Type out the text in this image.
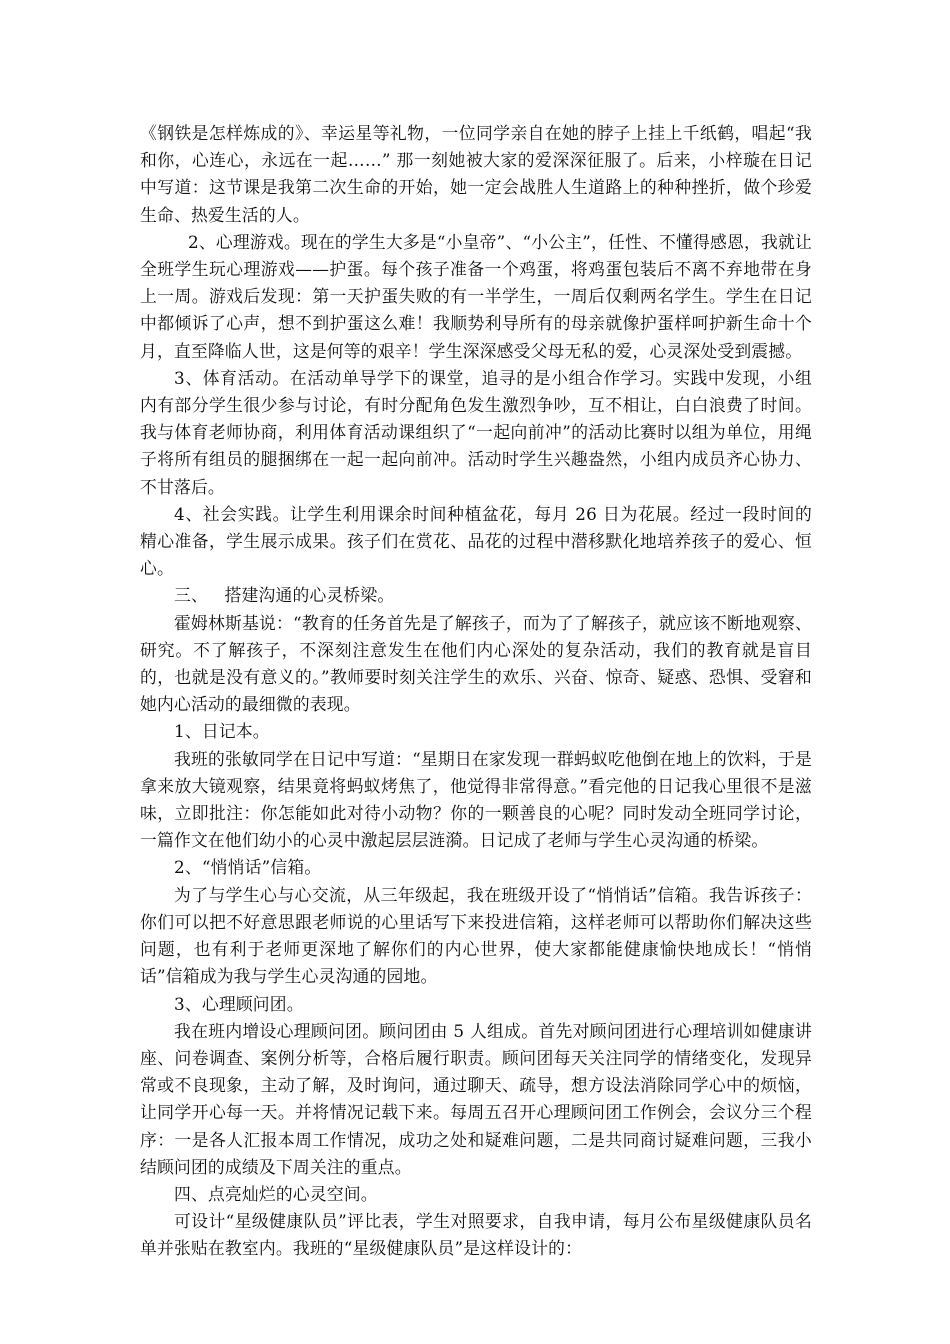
《钢铁是怎样炼成的》、幸运星等礼物，一位同学亲自在她的脖子上挂上千纸鹤，唱起“我和你，心连心，永远在一起……” 那一刻她被大家的爱深深征服了。后来，小梓璇在日记中写道：这节课是我第二次生命的开始，她一定会战胜人生道路上的种种挫折，做个珍爱生命、热爱生活的人。

2、心理游戏。现在的学生大多是“小皇帝”、“小公主”，任性、不懂得感恩，我就让全班学生玩心理游戏——护蛋。每个孩子准备一个鸡蛋，将鸡蛋包装后不离不弃地带在身上一周。游戏后发现：第一天护蛋失败的有一半学生，一周后仅剩两名学生。学生在日记中都倾诉了心声，想不到护蛋这么难！我顺势利导所有的母亲就像护蛋样呵护新生命十个月，直至降临人世，这是何等的艰辛！学生深深感受父母无私的爱，心灵深处受到震撼。

3、体育活动。在活动单导学下的课堂，追寻的是小组合作学习。实践中发现，小组内有部分学生很少参与讨论，有时分配角色发生激烈争吵，互不相让，白白浪费了时间。我与体育老师协商，利用体育活动课组织了“一起向前冲”的活动比赛时以组为单位，用绳子将所有组员的腿捆绑在一起一起向前冲。活动时学生兴趣盎然，小组内成员齐心协力、不甘落后。

4、社会实践。让学生利用课余时间种植盆花，每月 26 日为花展。经过一段时间的精心准备，学生展示成果。孩子们在赏花、品花的过程中潜移默化地培养孩子的爱心、恒心。

三、   搭建沟通的心灵桥梁。

霍姆林斯基说：“教育的任务首先是了解孩子，而为了了解孩子，就应该不断地观察、研究。不了解孩子，不深刻注意发生在他们内心深处的复杂活动，我们的教育就是盲目的，也就是没有意义的。”教师要时刻关注学生的欢乐、兴奋、惊奇、疑惑、恐惧、受窘和她内心活动的最细微的表现。

1、日记本。

我班的张敏同学在日记中写道：“星期日在家发现一群蚂蚁吃他倒在地上的饮料，于是拿来放大镜观察，结果竟将蚂蚁烤焦了，他觉得非常得意。”看完他的日记我心里很不是滋味，立即批注：你怎能如此对待小动物？你的一颗善良的心呢？同时发动全班同学讨论，一篇作文在他们幼小的心灵中激起层层涟漪。日记成了老师与学生心灵沟通的桥梁。

2、“悄悄话”信箱。

为了与学生心与心交流，从三年级起，我在班级开设了“悄悄话”信箱。我告诉孩子：你们可以把不好意思跟老师说的心里话写下来投进信箱，这样老师可以帮助你们解决这些问题，也有利于老师更深地了解你们的内心世界，使大家都能健康愉快地成长！“悄悄话”信箱成为我与学生心灵沟通的园地。

3、心理顾问团。

我在班内增设心理顾问团。顾问团由 5 人组成。首先对顾问团进行心理培训如健康讲座、问卷调查、案例分析等，合格后履行职责。顾问团每天关注同学的情绪变化，发现异常或不良现象，主动了解，及时询问，通过聊天、疏导，想方设法消除同学心中的烦恼，让同学开心每一天。并将情况记载下来。每周五召开心理顾问团工作例会，会议分三个程序：一是各人汇报本周工作情况，成功之处和疑难问题，二是共同商讨疑难问题，三我小结顾问团的成绩及下周关注的重点。

四、点亮灿烂的心灵空间。

可设计“星级健康队员”评比表，学生对照要求，自我申请，每月公布星级健康队员名单并张贴在教室内。我班的“星级健康队员”是这样设计的：
